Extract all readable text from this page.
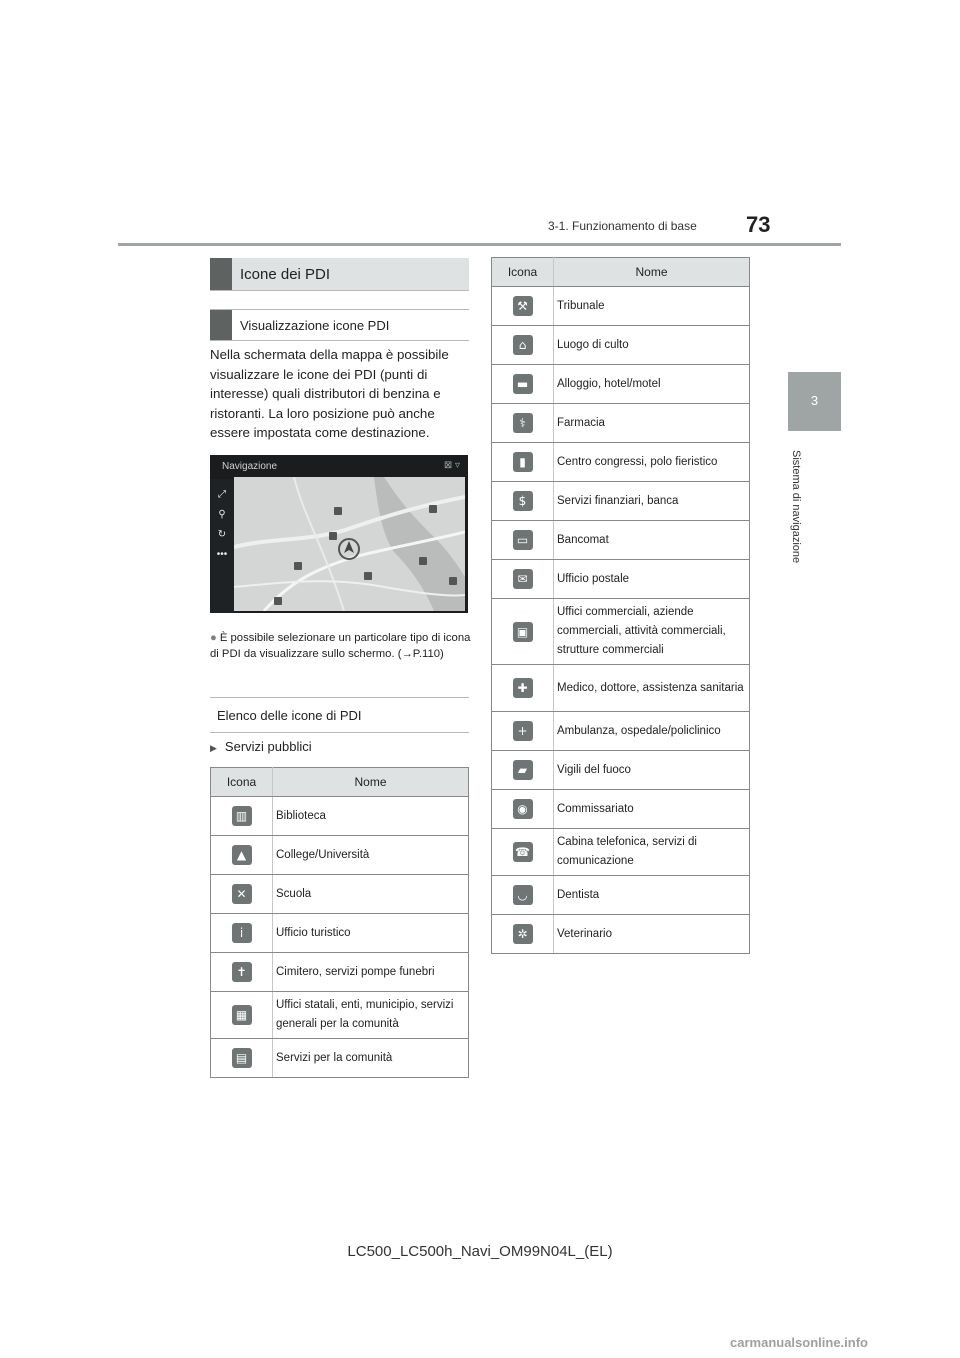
3-1. Funzionamento di base 73
3
Sistema di navigazione
Icone dei PDI
Visualizzazione icone PDI
Nella schermata della mappa è possibile visualizzare le icone dei PDI (punti di interesse) quali distributori di benzina e ristoranti. La loro posizione può anche essere impostata come destinazione.
Navigazione	⊠ ▿
⤢
⚲
↻
•••
● È possibile selezionare un particolare tipo di icona di PDI da visualizzare sullo schermo. (→P.110)
Elenco delle icone di PDI
▶ Servizi pubblici
Icona	Nome
▥	Biblioteca
▲	College/Università
✕	Scuola
i	Ufficio turistico
✝	Cimitero, servizi pompe funebri
▦	Uffici statali, enti, municipio, servizi generali per la comunità
▤	Servizi per la comunità
Icona	Nome
⚒	Tribunale
⌂	Luogo di culto
▬	Alloggio, hotel/motel
⚕	Farmacia
▮	Centro congressi, polo fieristico
$	Servizi finanziari, banca
▭	Bancomat
✉	Ufficio postale
▣	Uffici commerciali, aziende commerciali, attività commerciali, strutture commerciali
✚	Medico, dottore, assistenza sanitaria
+	Ambulanza, ospedale/policlinico
▰	Vigili del fuoco
◉	Commissariato
☎	Cabina telefonica, servizi di comunicazione
◡	Dentista
✲	Veterinario
LC500_LC500h_Navi_OM99N04L_(EL)
carmanualsonline.info
